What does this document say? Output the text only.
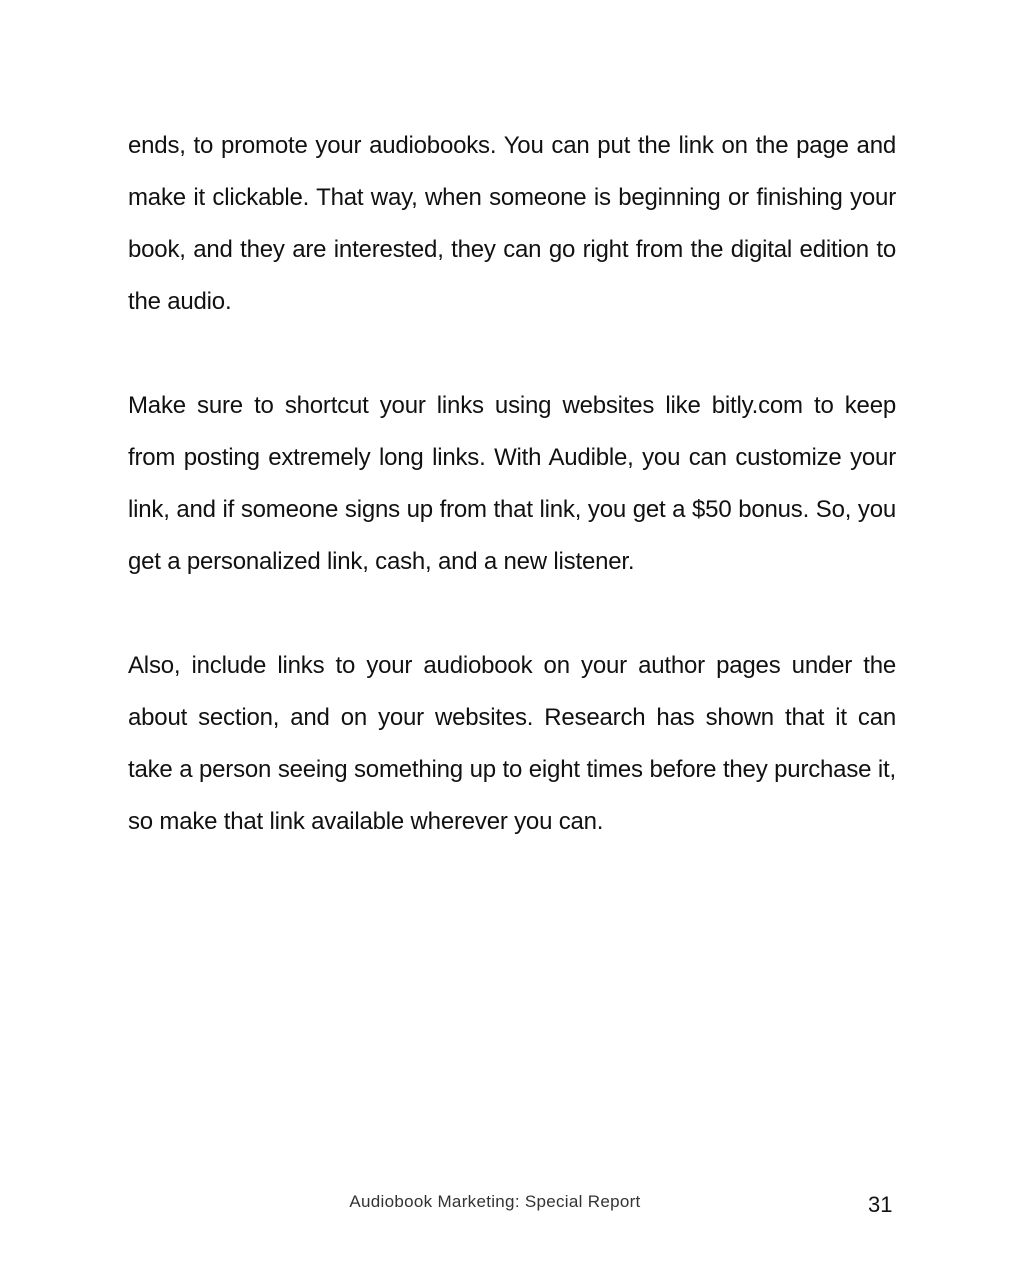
ends, to promote your audiobooks. You can put the link on the page and make it clickable. That way, when someone is beginning or finishing your book, and they are interested, they can go right from the digital edition to the audio.

Make sure to shortcut your links using websites like bitly.com to keep from posting extremely long links. With Audible, you can customize your link, and if someone signs up from that link, you get a $50 bonus. So, you get a personalized link, cash, and a new listener.

Also, include links to your audiobook on your author pages under the about section, and on your websites. Research has shown that it can take a person seeing something up to eight times before they purchase it, so make that link available wherever you can.

Audiobook Marketing: Special Report	31
